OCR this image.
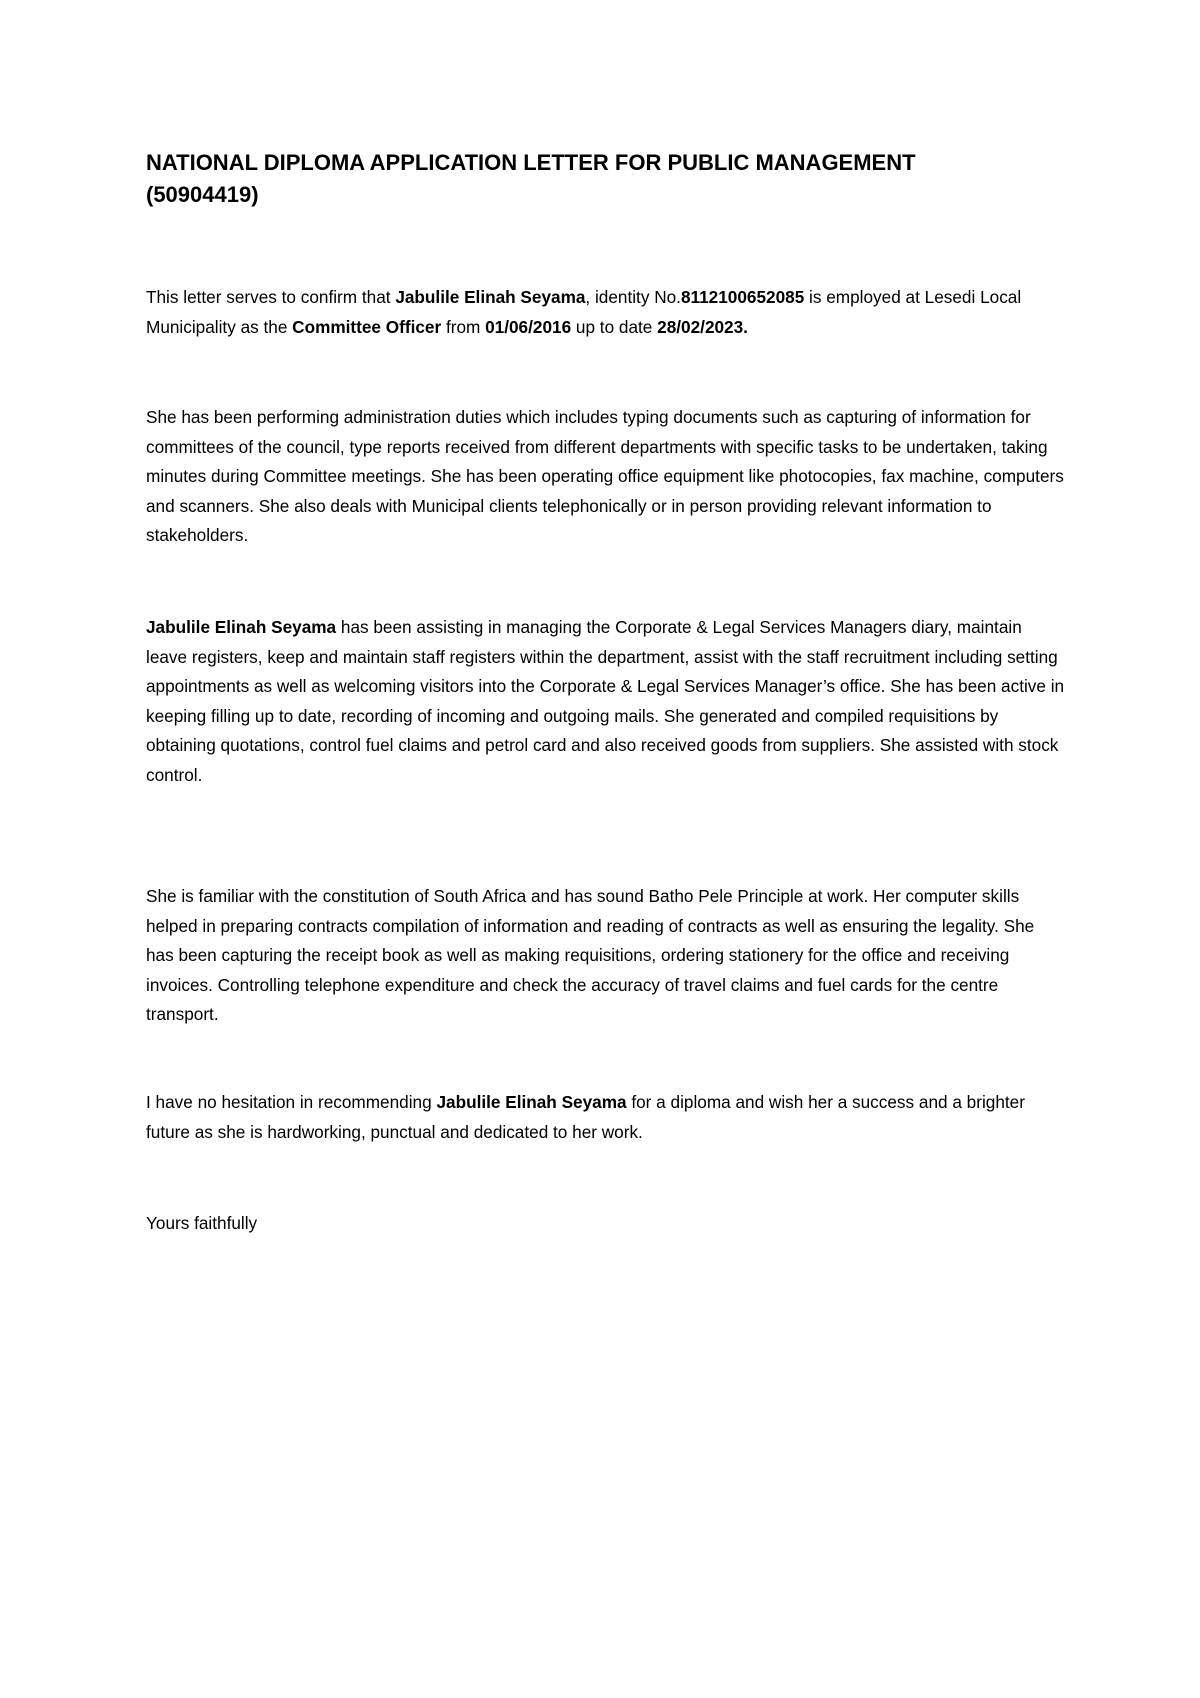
NATIONAL DIPLOMA APPLICATION LETTER FOR PUBLIC MANAGEMENT
(50904419)

This letter serves to confirm that Jabulile Elinah Seyama, identity No.8112100652085 is employed at Lesedi Local Municipality as the Committee Officer from 01/06/2016 up to date 28/02/2023.

She has been performing administration duties which includes typing documents such as capturing of information for committees of the council, type reports received from different departments with specific tasks to be undertaken, taking minutes during Committee meetings. She has been operating office equipment like photocopies, fax machine, computers and scanners. She also deals with Municipal clients telephonically or in person providing relevant information to stakeholders.

Jabulile Elinah Seyama has been assisting in managing the Corporate & Legal Services Managers diary, maintain leave registers, keep and maintain staff registers within the department, assist with the staff recruitment including setting appointments as well as welcoming visitors into the Corporate & Legal Services Manager’s office. She has been active in keeping filling up to date, recording of incoming and outgoing mails. She generated and compiled requisitions by obtaining quotations, control fuel claims and petrol card and also received goods from suppliers. She assisted with stock control.

She is familiar with the constitution of South Africa and has sound Batho Pele Principle at work. Her computer skills helped in preparing contracts compilation of information and reading of contracts as well as ensuring the legality. She has been capturing the receipt book as well as making requisitions, ordering stationery for the office and receiving invoices. Controlling telephone expenditure and check the accuracy of travel claims and fuel cards for the centre transport.

I have no hesitation in recommending Jabulile Elinah Seyama for a diploma and wish her a success and a brighter future as she is hardworking, punctual and dedicated to her work.

Yours faithfully
